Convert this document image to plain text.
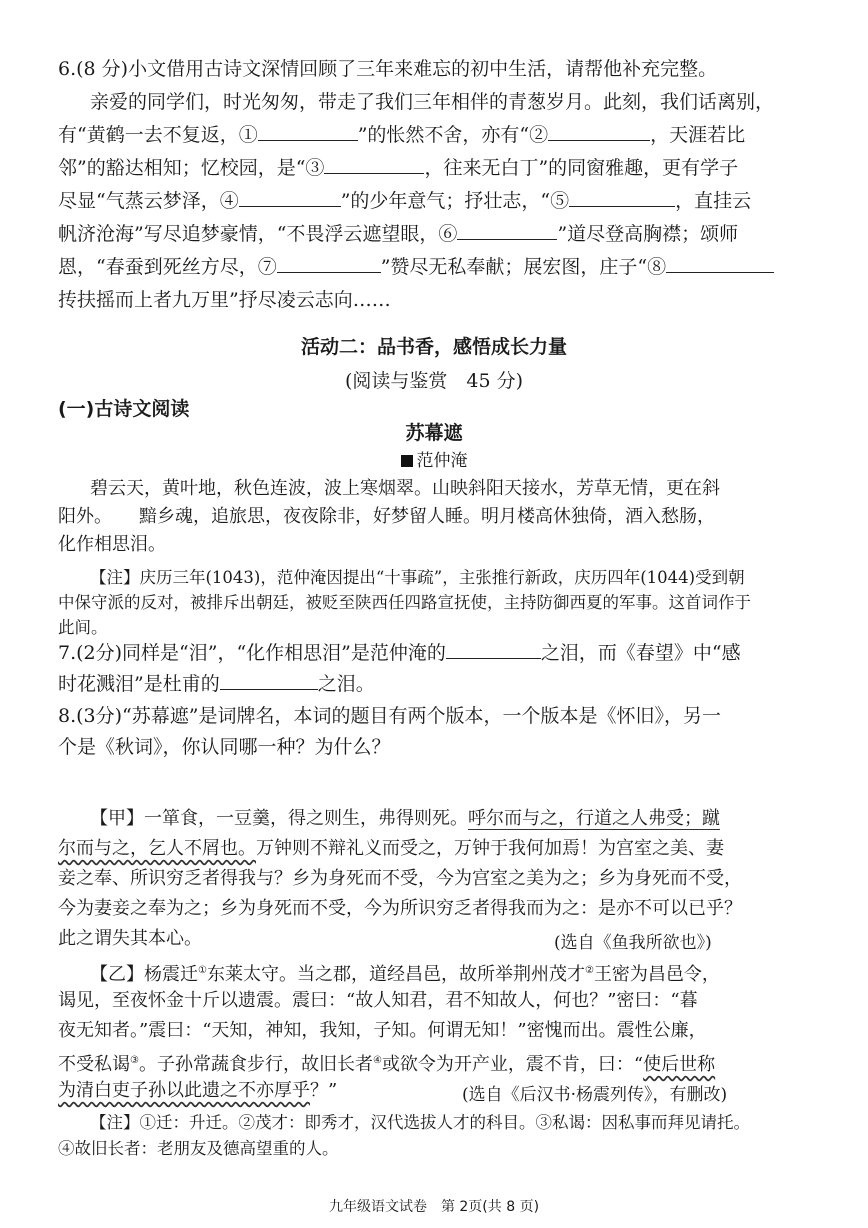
6.(8 分)小文借用古诗文深情回顾了三年来难忘的初中生活，请帮他补充完整。
亲爱的同学们，时光匆匆，带走了我们三年相伴的青葱岁月。此刻，我们话离别，
有“黄鹤一去不复返，①	”的怅然不舍，亦有“②	，天涯若比
邻”的豁达相知；忆校园，是“③	，往来无白丁”的同窗雅趣，更有学子
尽显“气蒸云梦泽，④	”的少年意气；抒壮志，“⑤	，直挂云
帆济沧海”写尽追梦豪情，“不畏浮云遮望眼，⑥	”道尽登高胸襟；颂师
恩，“春蚕到死丝方尽，⑦	”赞尽无私奉献；展宏图，庄子“⑧
抟扶摇而上者九万里”抒尽凌云志向……
活动二：品书香，感悟成长力量
(阅读与鉴赏　45 分)
(一)古诗文阅读
苏幕遮
范仲淹
碧云天，黄叶地，秋色连波，波上寒烟翠。山映斜阳天接水，芳草无情，更在斜
阳外。　　黯乡魂，追旅思，夜夜除非，好梦留人睡。明月楼高休独倚，酒入愁肠，
化作相思泪。
【注】庆历三年(1043)，范仲淹因提出“十事疏”，主张推行新政，庆历四年(1044)受到朝
中保守派的反对，被排斥出朝廷，被贬至陕西任四路宣抚使，主持防御西夏的军事。这首词作于
此间。
7.(2分)同样是“泪”，“化作相思泪”是范仲淹的	之泪，而《春望》中“感
时花溅泪”是杜甫的	之泪。
8.(3分)“苏幕遮”是词牌名，本词的题目有两个版本，一个版本是《怀旧》，另一
个是《秋词》，你认同哪一种？为什么？
【甲】一箪食，一豆羹，得之则生，弗得则死。呼尔而与之，行道之人弗受；蹴
尔而与之，乞人不屑也。万钟则不辩礼义而受之，万钟于我何加焉！为宫室之美、妻
妾之奉、所识穷乏者得我与？乡为身死而不受，今为宫室之美为之；乡为身死而不受，
今为妻妾之奉为之；乡为身死而不受，今为所识穷乏者得我而为之：是亦不可以已乎？
此之谓失其本心。	(选自《鱼我所欲也》)
【乙】杨震迁①东莱太守。当之郡，道经昌邑，故所举荆州茂才②王密为昌邑令，
谒见，至夜怀金十斤以遗震。震曰：“故人知君，君不知故人，何也？”密曰：“暮
夜无知者。”震曰：“天知，神知，我知，子知。何谓无知！”密愧而出。震性公廉，
不受私谒③。子孙常蔬食步行，故旧长者④或欲令为开产业，震不肯，曰：“使后世称
为清白吏子孙以此遗之不亦厚乎？”	(选自《后汉书·杨震列传》，有删改)
【注】①迁：升迁。②茂才：即秀才，汉代选拔人才的科目。③私谒：因私事而拜见请托。
④故旧长者：老朋友及德高望重的人。
九年级语文试卷　第 2页(共 8 页)
